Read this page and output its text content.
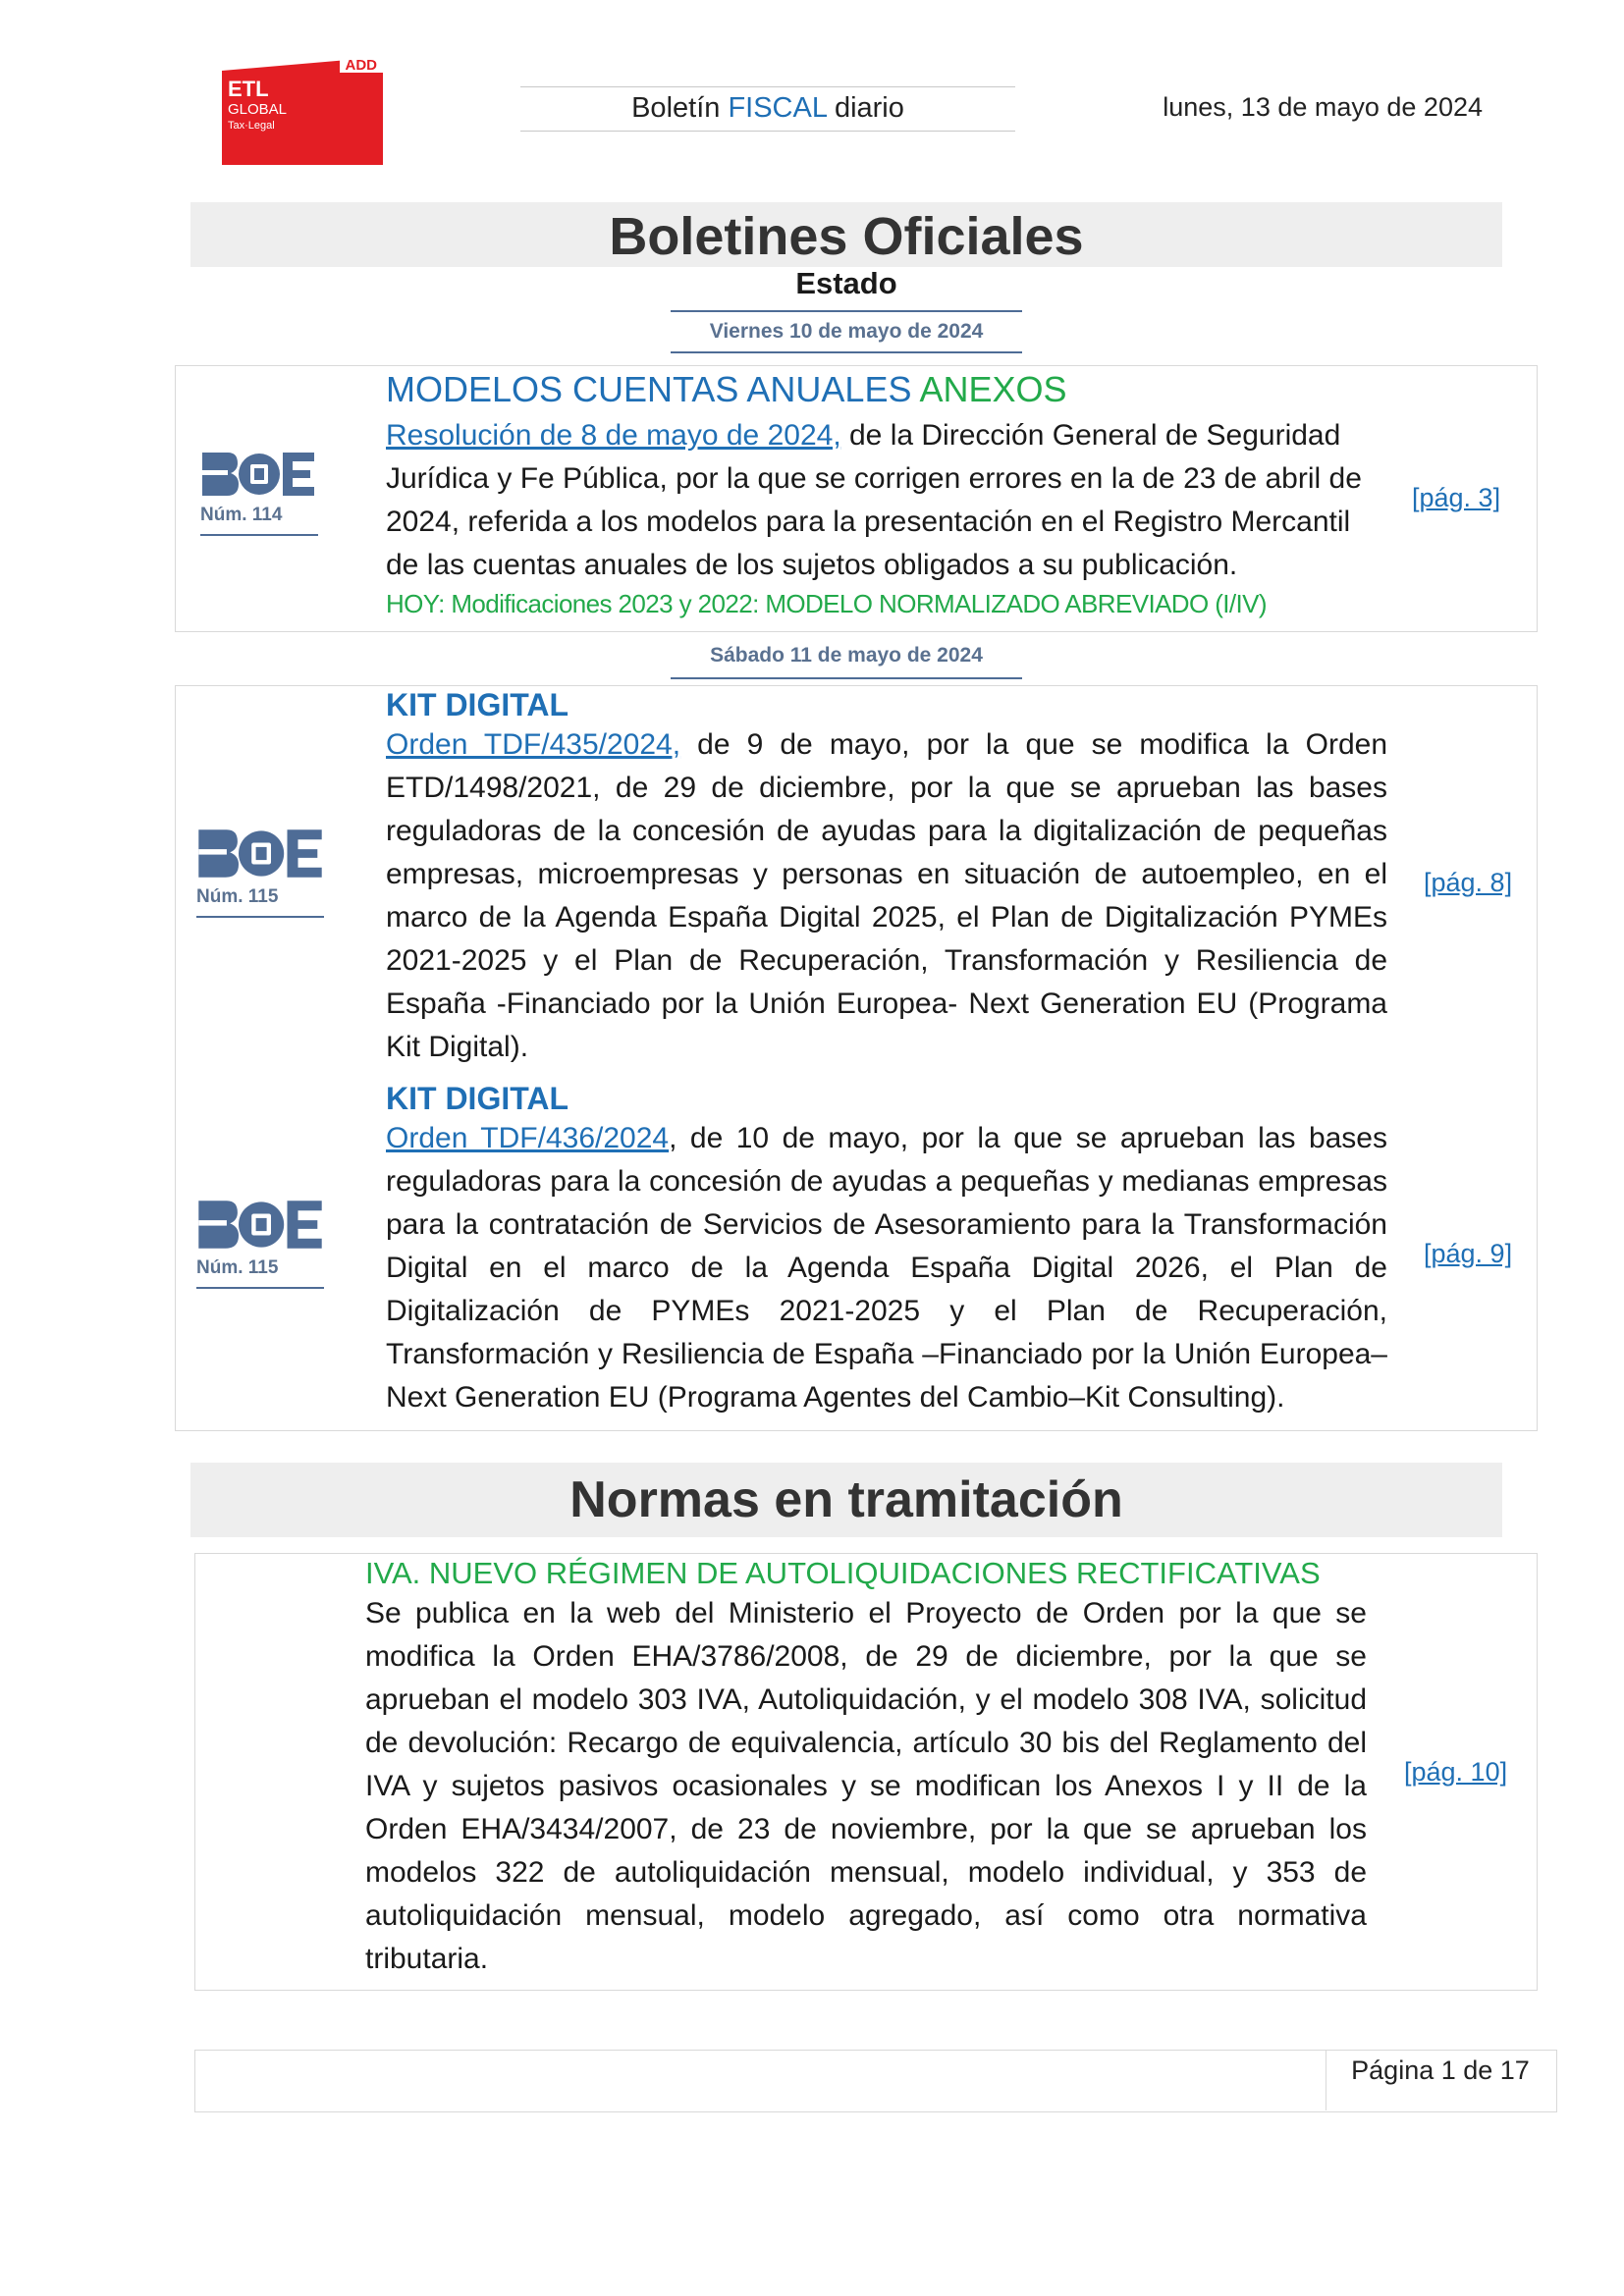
ADD
ETL
GLOBAL
Tax·Legal
Boletín FISCAL diario	lunes, 13 de mayo de 2024
Boletines Oficiales
Estado
Viernes 10 de mayo de 2024
Núm. 114
MODELOS CUENTAS ANUALES ANEXOS
Resolución de 8 de mayo de 2024, de la Dirección General de Seguridad Jurídica y Fe Pública, por la que se corrigen errores en la de 23 de abril de 2024, referida a los modelos para la presentación en el Registro Mercantil de las cuentas anuales de los sujetos obligados a su publicación.
HOY: Modificaciones 2023 y 2022: MODELO NORMALIZADO ABREVIADO (I/IV)
[pág. 3]
Sábado 11 de mayo de 2024
Núm. 115
KIT DIGITAL
Orden TDF/435/2024, de 9 de mayo, por la que se modifica la Orden ETD/1498/2021, de 29 de diciembre, por la que se aprueban las bases reguladoras de la concesión de ayudas para la digitalización de pequeñas empresas, microempresas y personas en situación de autoempleo, en el marco de la Agenda España Digital 2025, el Plan de Digitalización PYMEs 2021-2025 y el Plan de Recuperación, Transformación y Resiliencia de España -Financiado por la Unión Europea- Next Generation EU (Programa Kit Digital).
[pág. 8]
Núm. 115
KIT DIGITAL
Orden TDF/436/2024, de 10 de mayo, por la que se aprueban las bases reguladoras para la concesión de ayudas a pequeñas y medianas empresas para la contratación de Servicios de Asesoramiento para la Transformación Digital en el marco de la Agenda España Digital 2026, el Plan de Digitalización de PYMEs 2021-2025 y el Plan de Recuperación, Transformación y Resiliencia de España –Financiado por la Unión Europea– Next Generation EU (Programa Agentes del Cambio–Kit Consulting).
[pág. 9]
Normas en tramitación
IVA. NUEVO RÉGIMEN DE AUTOLIQUIDACIONES RECTIFICATIVAS
Se publica en la web del Ministerio el Proyecto de Orden por la que se modifica la Orden EHA/3786/2008, de 29 de diciembre, por la que se aprueban el modelo 303 IVA, Autoliquidación, y el modelo 308 IVA, solicitud de devolución: Recargo de equivalencia, artículo 30 bis del Reglamento del IVA y sujetos pasivos ocasionales y se modifican los Anexos I y II de la Orden EHA/3434/2007, de 23 de noviembre, por la que se aprueban los modelos 322 de autoliquidación mensual, modelo individual, y 353 de autoliquidación mensual, modelo agregado, así como otra normativa tributaria.
[pág. 10]
Página 1 de 17
